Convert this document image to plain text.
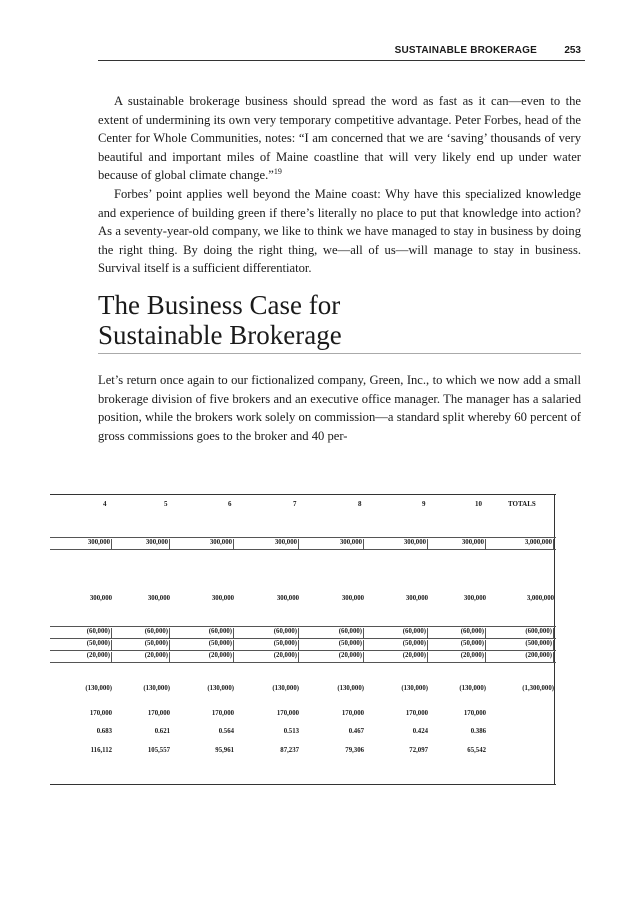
SUSTAINABLE BROKERAGE	253

A sustainable brokerage business should spread the word as fast as it can—even to the extent of undermining its own very temporary competitive advantage. Peter Forbes, head of the Center for Whole Communities, notes: “I am concerned that we are ‘saving’ thousands of very beautiful and important miles of Maine coastline that will very likely end up under water because of global climate change.”$^{19}$

Forbes’ point applies well beyond the Maine coast: Why have this specialized knowledge and experience of building green if there’s literally no place to put that knowledge into action? As a seventy-year-old company, we like to think we have managed to stay in business by doing the right thing. By doing the right thing, we—all of us—will manage to stay in business. Survival itself is a sufficient differentiator.

The Business Case for
Sustainable Brokerage

Let’s return once again to our fictionalized company, Green, Inc., to which we now add a small brokerage division of five brokers and an executive office manager. The manager has a salaried position, while the brokers work solely on commission—a standard split whereby 60 percent of gross commissions goes to the broker and 40 per-

4	5	6	7	8	9	10	TOTALS
300,000	300,000	300,000	300,000	300,000	300,000	300,000	3,000,000
300,000	300,000	300,000	300,000	300,000	300,000	300,000	3,000,000
(60,000)	(60,000)	(60,000)	(60,000)	(60,000)	(60,000)	(60,000)	(600,000)
(50,000)	(50,000)	(50,000)	(50,000)	(50,000)	(50,000)	(50,000)	(500,000)
(20,000)	(20,000)	(20,000)	(20,000)	(20,000)	(20,000)	(20,000)	(200,000)
(130,000)	(130,000)	(130,000)	(130,000)	(130,000)	(130,000)	(130,000)	(1,300,000)
170,000	170,000	170,000	170,000	170,000	170,000	170,000
0.683	0.621	0.564	0.513	0.467	0.424	0.386
116,112	105,557	95,961	87,237	79,306	72,097	65,542
